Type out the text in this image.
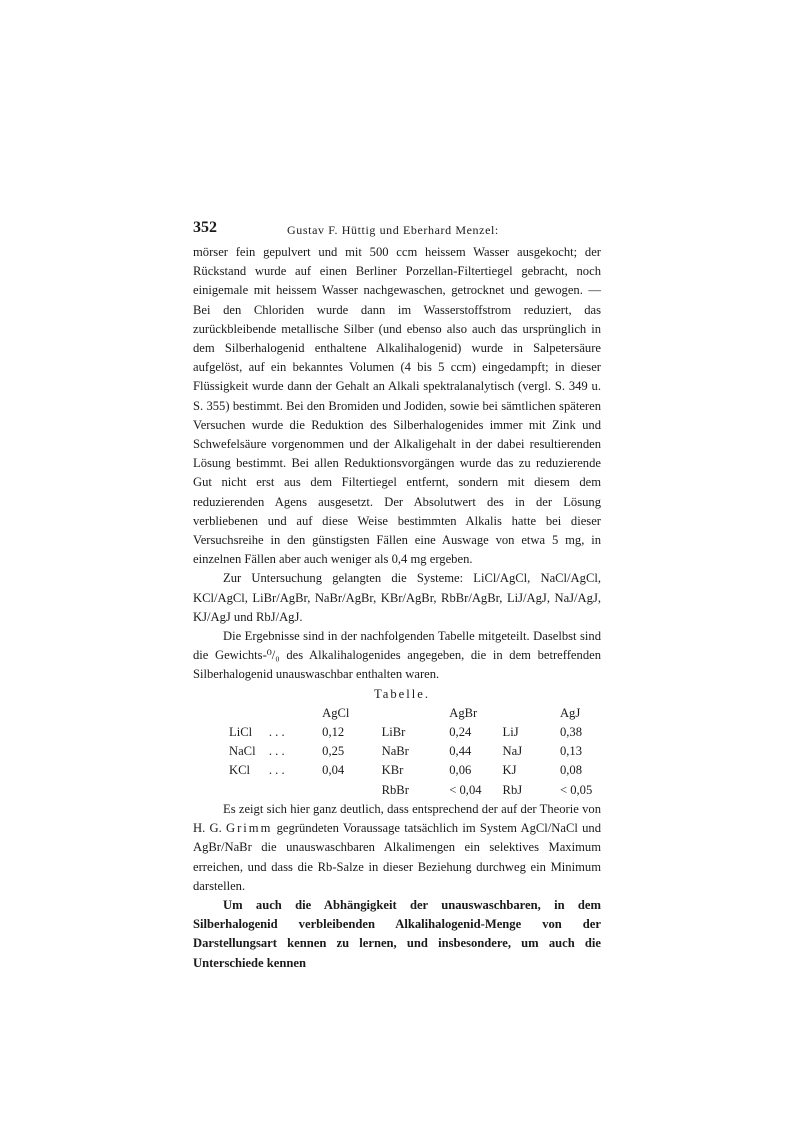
352	Gustav F. Hüttig und Eberhard Menzel:

mörser fein gepulvert und mit 500 ccm heissem Wasser ausgekocht; der Rückstand wurde auf einen Berliner Porzellan-Filtertiegel gebracht, noch einigemale mit heissem Wasser nachgewaschen, getrocknet und gewogen. — Bei den Chloriden wurde dann im Wasserstoffstrom reduziert, das zurückbleibende metallische Silber (und ebenso also auch das ursprünglich in dem Silberhalogenid enthaltene Alkalihalogenid) wurde in Salpetersäure aufgelöst, auf ein bekanntes Volumen (4 bis 5 ccm) eingedampft; in dieser Flüssigkeit wurde dann der Gehalt an Alkali spektralanalytisch (vergl. S. 349 u. S. 355) bestimmt. Bei den Bromiden und Jodiden, sowie bei sämtlichen späteren Versuchen wurde die Reduktion des Silberhalogenides immer mit Zink und Schwefelsäure vorgenommen und der Alkaligehalt in der dabei resultierenden Lösung bestimmt. Bei allen Reduktionsvorgängen wurde das zu reduzierende Gut nicht erst aus dem Filtertiegel entfernt, sondern mit diesem dem reduzierenden Agens ausgesetzt. Der Absolutwert des in der Lösung verbliebenen und auf diese Weise bestimmten Alkalis hatte bei dieser Versuchsreihe in den günstigsten Fällen eine Auswage von etwa 5 mg, in einzelnen Fällen aber auch weniger als 0,4 mg ergeben.

Zur Untersuchung gelangten die Systeme: LiCl/AgCl, NaCl/AgCl, KCl/AgCl, LiBr/AgBr, NaBr/AgBr, KBr/AgBr, RbBr/AgBr, LiJ/AgJ, NaJ/AgJ, KJ/AgJ und RbJ/AgJ.

Die Ergebnisse sind in der nachfolgenden Tabelle mitgeteilt. Daselbst sind die Gewichts-⁰/₀ des Alkalihalogenides angegeben, die in dem betreffenden Silberhalogenid unauswaschbar enthalten waren.

Tabelle.

		AgCl		AgBr		AgJ
LiCl	. . .	0,12	LiBr	0,24	LiJ	0,38
NaCl	. . .	0,25	NaBr	0,44	NaJ	0,13
KCl	. . .	0,04	KBr	0,06	KJ	0,08
			RbBr	< 0,04	RbJ	< 0,05

Es zeigt sich hier ganz deutlich, dass entsprechend der auf der Theorie von H. G. Grimm gegründeten Voraussage tatsächlich im System AgCl/NaCl und AgBr/NaBr die unauswaschbaren Alkalimengen ein selektives Maximum erreichen, und dass die Rb-Salze in dieser Beziehung durchweg ein Minimum darstellen.

Um auch die Abhängigkeit der unauswaschbaren, in dem Silberhalogenid verbleibenden Alkalihalogenid-Menge von der Darstellungsart kennen zu lernen, und insbesondere, um auch die Unterschiede kennen
